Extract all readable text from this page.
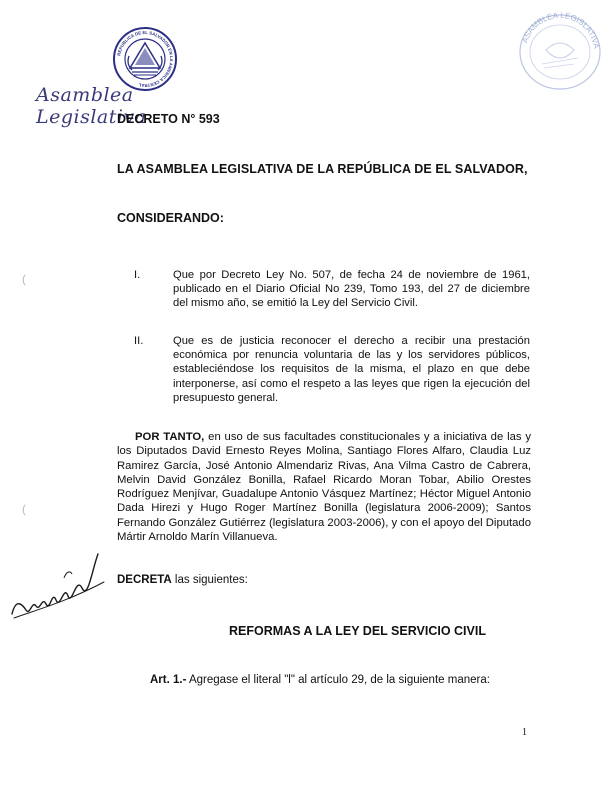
REPUBLICA DE EL SALVADOR EN LA AMERICA CENTRAL
Asamblea Legislativa
ASAMBLEA LEGISLATIVA
DECRETO N° 593
LA ASAMBLEA LEGISLATIVA DE LA REPÚBLICA DE EL SALVADOR,
CONSIDERANDO:
(	I.	Que por Decreto Ley No. 507, de fecha 24 de noviembre de 1961, publicado en el Diario Oficial No 239, Tomo 193, del 27 de diciembre del mismo año, se emitió la Ley del Servicio Civil.
II.	Que es de justicia reconocer el derecho a recibir una prestación económica por renuncia voluntaria de las y los servidores públicos, estableciéndose los requisitos de la misma, el plazo en que debe interponerse, así como el respeto a las leyes que rigen la ejecución del presupuesto general.
POR TANTO, en uso de sus facultades constitucionales y a iniciativa de las y los Diputados David Ernesto Reyes Molina, Santiago Flores Alfaro, Claudia Luz Ramirez García, José Antonio Almendariz Rivas, Ana Vilma Castro de Cabrera, Melvin David González Bonilla, Rafael Ricardo Moran Tobar, Abilio Orestes Rodríguez Menjívar, Guadalupe Antonio Vásquez Martínez; Héctor Miguel Antonio Dada Hirezi y Hugo Roger Martínez Bonilla (legislatura 2006-2009); Santos Fernando González Gutiérrez (legislatura 2003-2006), y con el apoyo del Diputado Mártir Arnoldo Marín Villanueva.
(
DECRETA las siguientes:
REFORMAS A LA LEY DEL SERVICIO CIVIL
Art. 1.- Agregase el literal "l" al artículo 29, de la siguiente manera:
1
